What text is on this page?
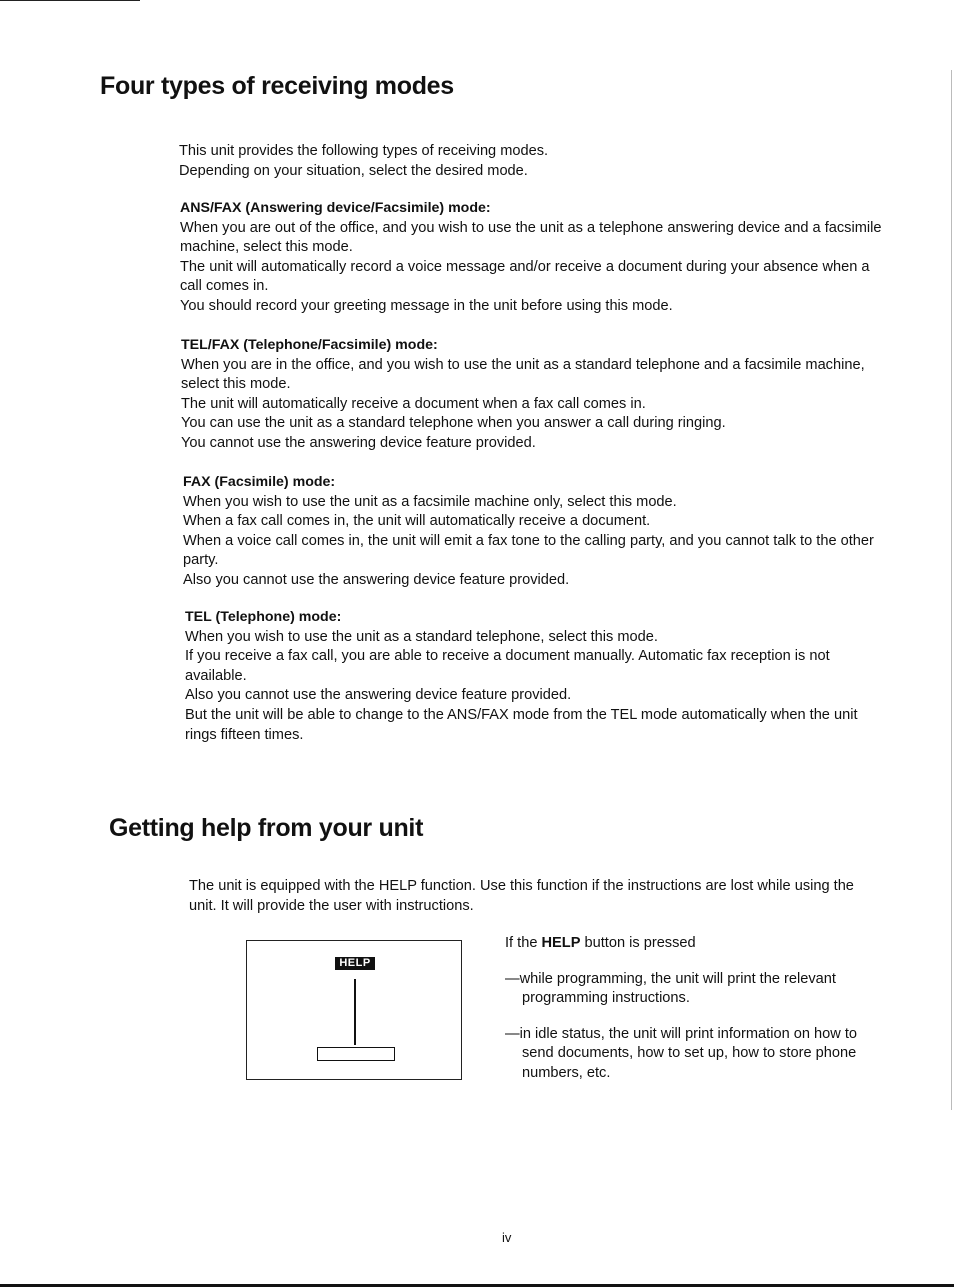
Four types of receiving modes

This unit provides the following types of receiving modes.

Depending on your situation, select the desired mode.

ANS/FAX (Answering device/Facsimile) mode:

When you are out of the office, and you wish to use the unit as a telephone answering device and a facsimile machine, select this mode.

The unit will automatically record a voice message and/or receive a document during your absence when a call comes in.

You should record your greeting message in the unit before using this mode.

TEL/FAX (Telephone/Facsimile) mode:

When you are in the office, and you wish to use the unit as a standard telephone and a facsimile machine, select this mode.

The unit will automatically receive a document when a fax call comes in.

You can use the unit as a standard telephone when you answer a call during ringing.

You cannot use the answering device feature provided.

FAX (Facsimile) mode:

When you wish to use the unit as a facsimile machine only, select this mode.

When a fax call comes in, the unit will automatically receive a document.

When a voice call comes in, the unit will emit a fax tone to the calling party, and you cannot talk to the other party.

Also you cannot use the answering device feature provided.

TEL (Telephone) mode:

When you wish to use the unit as a standard telephone, select this mode.

If you receive a fax call, you are able to receive a document manually. Automatic fax reception is not available.

Also you cannot use the answering device feature provided.

But the unit will be able to change to the ANS/FAX mode from the TEL mode automatically when the unit rings fifteen times.

Getting help from your unit

The unit is equipped with the HELP function. Use this function if the instructions are lost while using the unit. It will provide the user with instructions.

HELP

If the HELP button is pressed

—while programming, the unit will print the relevant programming instructions.

—in idle status, the unit will print information on how to send documents, how to set up, how to store phone numbers, etc.

iv
